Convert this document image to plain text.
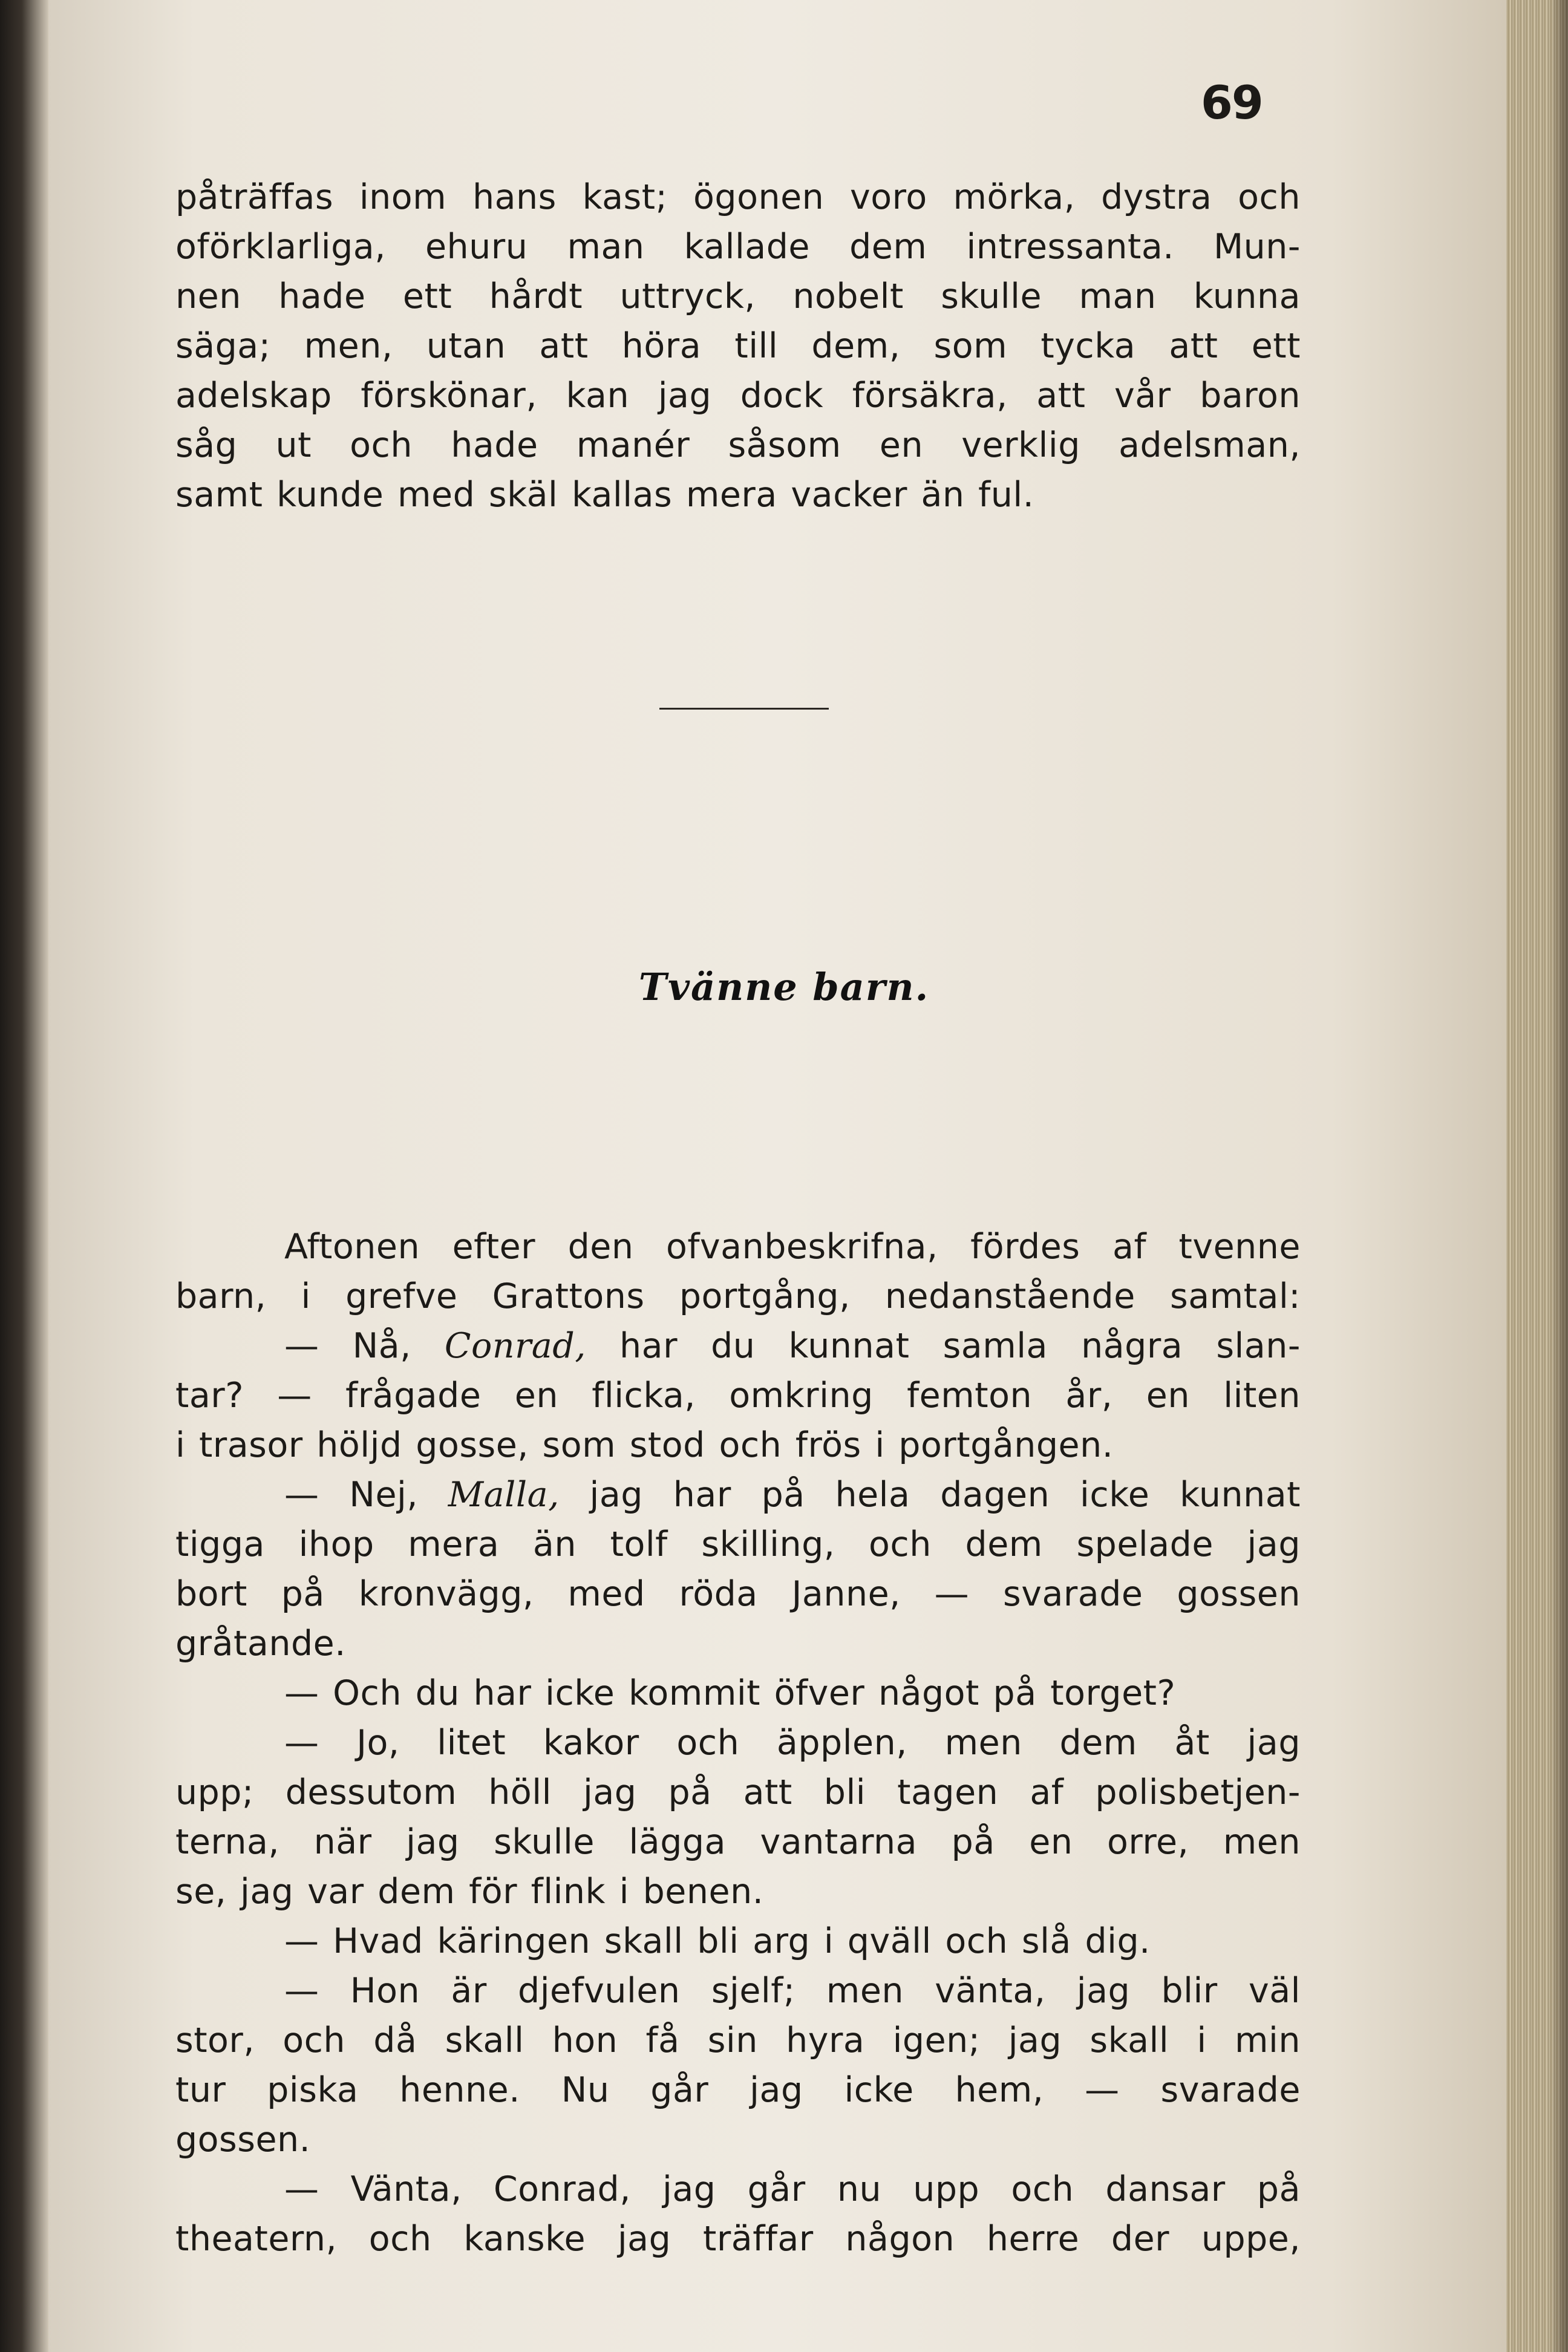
69
påträffas inom hans kast; ögonen voro mörka, dystra och
oförklarliga, ehuru man kallade dem intressanta. Mun-
nen hade ett hårdt uttryck, nobelt skulle man kunna
säga; men, utan att höra till dem, som tycka att ett
adelskap förskönar, kan jag dock försäkra, att vår baron
såg ut och hade manér såsom en verklig adelsman,
samt kunde med skäl kallas mera vacker än ful.
Aftonen efter den ofvanbeskrifna, fördes af tvenne
barn, i grefve Grattons portgång, nedanstående samtal:
— Nå, Conrad, har du kunnat samla några slan-
tar? — frågade en flicka, omkring femton år, en liten
i trasor höljd gosse, som stod och frös i portgången.
— Nej, Malla, jag har på hela dagen icke kunnat
tigga ihop mera än tolf skilling, och dem spelade jag
bort på kronvägg, med röda Janne, — svarade gossen
gråtande.
— Och du har icke kommit öfver något på torget?
— Jo, litet kakor och äpplen, men dem åt jag
upp; dessutom höll jag på att bli tagen af polisbetjen-
terna, när jag skulle lägga vantarna på en orre, men
se, jag var dem för flink i benen.
— Hvad käringen skall bli arg i qväll och slå dig.
— Hon är djefvulen sjelf; men vänta, jag blir väl
stor, och då skall hon få sin hyra igen; jag skall i min
tur piska henne. Nu går jag icke hem, — svarade
gossen.
— Vänta, Conrad, jag går nu upp och dansar på
theatern, och kanske jag träffar någon herre der uppe,
Tvänne barn.
